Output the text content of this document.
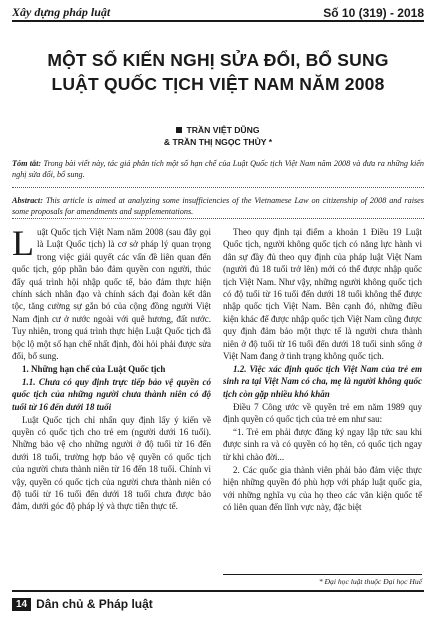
Xây dựng pháp luật	Số 10 (319) - 2018
MỘT SỐ KIẾN NGHỊ SỬA ĐỔI, BỔ SUNG
LUẬT QUỐC TỊCH VIỆT NAM NĂM 2008
TRẦN VIỆT DŨNG
& TRẦN THỊ NGỌC THỦY *
Tóm tắt: Trong bài viết này, tác giả phân tích một số hạn chế của Luật Quốc tịch Việt Nam năm 2008 và đưa ra những kiến nghị sửa đổi, bổ sung.
Abstract: This article is aimed at analyzing some insufficiencies of the Vietnamese Law on citizenship of 2008 and raises some proposals for amendments and supplementations.

Luật Quốc tịch Việt Nam năm 2008 (sau đây gọi là Luật Quốc tịch) là cơ sở pháp lý quan trọng trong việc giải quyết các vấn đề liên quan đến quốc tịch, góp phần bảo đảm quyền con người, thúc đẩy quá trình hội nhập quốc tế, bảo đảm thực hiện chính sách nhân đạo và chính sách đại đoàn kết dân tộc, tăng cường sự gắn bó của cộng đồng người Việt Nam định cư ở nước ngoài với quê hương, đất nước. Tuy nhiên, trong quá trình thực hiện Luật Quốc tịch đã bộc lộ một số hạn chế nhất định, đòi hỏi phải được sửa đổi, bổ sung.

1. Những hạn chế của Luật Quốc tịch

1.1. Chưa có quy định trực tiếp bảo vệ quyền có quốc tịch của những người chưa thành niên có độ tuổi từ 16 đến dưới 18 tuổi

Luật Quốc tịch chỉ nhấn quy định lấy ý kiến về quyền có quốc tịch cho trẻ em (người dưới 16 tuổi). Những bảo vệ cho những người ở độ tuổi từ 16 đến dưới 18 tuổi, trường hợp bảo vệ quyền có quốc tịch của người chưa thành niên từ 16 đến 18 tuổi. Chính vì vậy, quyền có quốc tịch của người chưa thành niên có độ tuổi từ 16 tuổi đến dưới 18 tuổi chưa được bảo đảm, dưới góc độ pháp lý và thực tiễn thực tế.

Theo quy định tại điểm a khoản 1 Điều 19 Luật Quốc tịch, người không quốc tịch có năng lực hành vi dân sự đầy đủ theo quy định của pháp luật Việt Nam (người đủ 18 tuổi trở lên) mới có thể được nhập quốc tịch Việt Nam. Như vậy, những người không quốc tịch có độ tuổi từ 16 tuổi đến dưới 18 tuổi không thể được nhập quốc tịch Việt Nam. Bên cạnh đó, những điều kiện khác để được nhập quốc tịch Việt Nam cũng được quy định đảm bảo một thực tế là người chưa thành niên ở độ tuổi từ 16 tuổi đến dưới 18 tuổi sinh sống ở Việt Nam đang ở tình trạng không quốc tịch.

1.2. Việc xác định quốc tịch Việt Nam của trẻ em sinh ra tại Việt Nam có cha, mẹ là người không quốc tịch còn gặp nhiều khó khăn

Điều 7 Công ước về quyền trẻ em năm 1989 quy định quyền có quốc tịch của trẻ em như sau:

“1. Trẻ em phải được đăng ký ngay lập tức sau khi được sinh ra và có quyền có họ tên, có quốc tịch ngay từ khi chào đời...

2. Các quốc gia thành viên phải bảo đảm việc thực hiện những quyền đó phù hợp với pháp luật quốc gia, với những nghĩa vụ của họ theo các văn kiện quốc tế có liên quan đến lĩnh vực này, đặc biệt

* Đại học luật thuộc Đại học Huế
14 Dân chủ & Pháp luật
